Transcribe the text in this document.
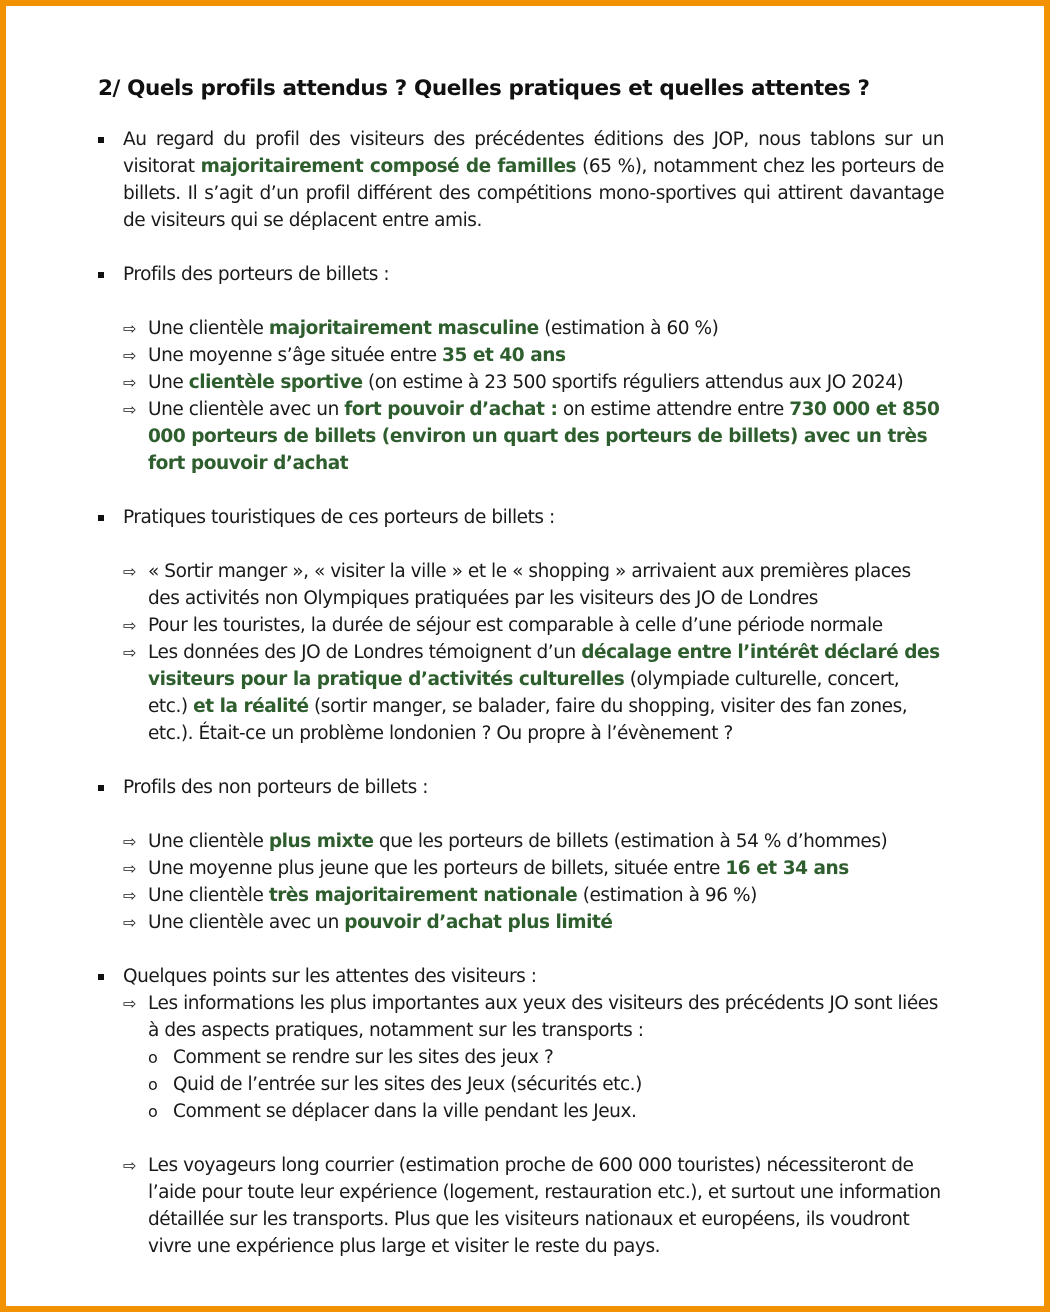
2/ Quels profils attendus ? Quelles pratiques et quelles attentes ?
Au regard du profil des visiteurs des précédentes éditions des JOP, nous tablons sur un visitorat majoritairement composé de familles (65 %), notamment chez les porteurs de billets. Il s’agit d’un profil différent des compétitions mono-sportives qui attirent davantage de visiteurs qui se déplacent entre amis.
Profils des porteurs de billets :
⇨ Une clientèle majoritairement masculine (estimation à 60 %)
⇨ Une moyenne s’âge située entre 35 et 40 ans
⇨ Une clientèle sportive (on estime à 23 500 sportifs réguliers attendus aux JO 2024)
⇨ Une clientèle avec un fort pouvoir d’achat : on estime attendre entre 730 000 et 850 000 porteurs de billets (environ un quart des porteurs de billets) avec un très fort pouvoir d’achat
Pratiques touristiques de ces porteurs de billets :
⇨ « Sortir manger », « visiter la ville » et le « shopping » arrivaient aux premières places des activités non Olympiques pratiquées par les visiteurs des JO de Londres
⇨ Pour les touristes, la durée de séjour est comparable à celle d’une période normale
⇨ Les données des JO de Londres témoignent d’un décalage entre l’intérêt déclaré des visiteurs pour la pratique d’activités culturelles (olympiade culturelle, concert, etc.) et la réalité (sortir manger, se balader, faire du shopping, visiter des fan zones, etc.). Était-ce un problème londonien ? Ou propre à l’évènement ?
Profils des non porteurs de billets :
⇨ Une clientèle plus mixte que les porteurs de billets (estimation à 54 % d’hommes)
⇨ Une moyenne plus jeune que les porteurs de billets, située entre 16 et 34 ans
⇨ Une clientèle très majoritairement nationale (estimation à 96 %)
⇨ Une clientèle avec un pouvoir d’achat plus limité
Quelques points sur les attentes des visiteurs :
⇨ Les informations les plus importantes aux yeux des visiteurs des précédents JO sont liées à des aspects pratiques, notamment sur les transports :
o Comment se rendre sur les sites des jeux ?
o Quid de l’entrée sur les sites des Jeux (sécurités etc.)
o Comment se déplacer dans la ville pendant les Jeux.
⇨ Les voyageurs long courrier (estimation proche de 600 000 touristes) nécessiteront de l’aide pour toute leur expérience (logement, restauration etc.), et surtout une information détaillée sur les transports. Plus que les visiteurs nationaux et européens, ils voudront vivre une expérience plus large et visiter le reste du pays.
